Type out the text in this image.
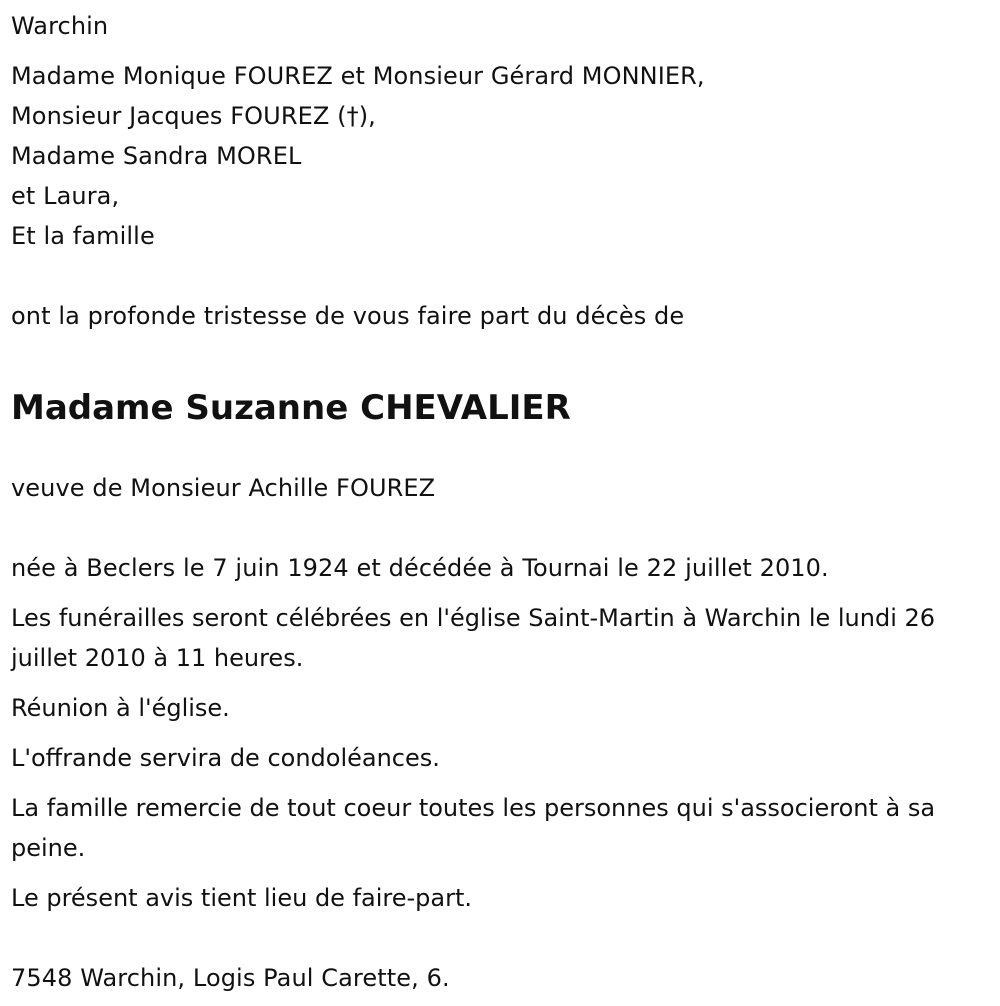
Warchin
Madame Monique FOUREZ et Monsieur Gérard MONNIER,
Monsieur Jacques FOUREZ (†),
Madame Sandra MOREL
et Laura,
Et la famille
ont la profonde tristesse de vous faire part du décès de
Madame Suzanne CHEVALIER
veuve de Monsieur Achille FOUREZ
née à Beclers le 7 juin 1924 et décédée à Tournai le 22 juillet 2010.
Les funérailles seront célébrées en l'église Saint-Martin à Warchin le lundi 26 juillet 2010 à 11 heures.
Réunion à l'église.
L'offrande servira de condoléances.
La famille remercie de tout coeur toutes les personnes qui s'associeront à sa peine.
Le présent avis tient lieu de faire-part.
7548 Warchin, Logis Paul Carette, 6.
